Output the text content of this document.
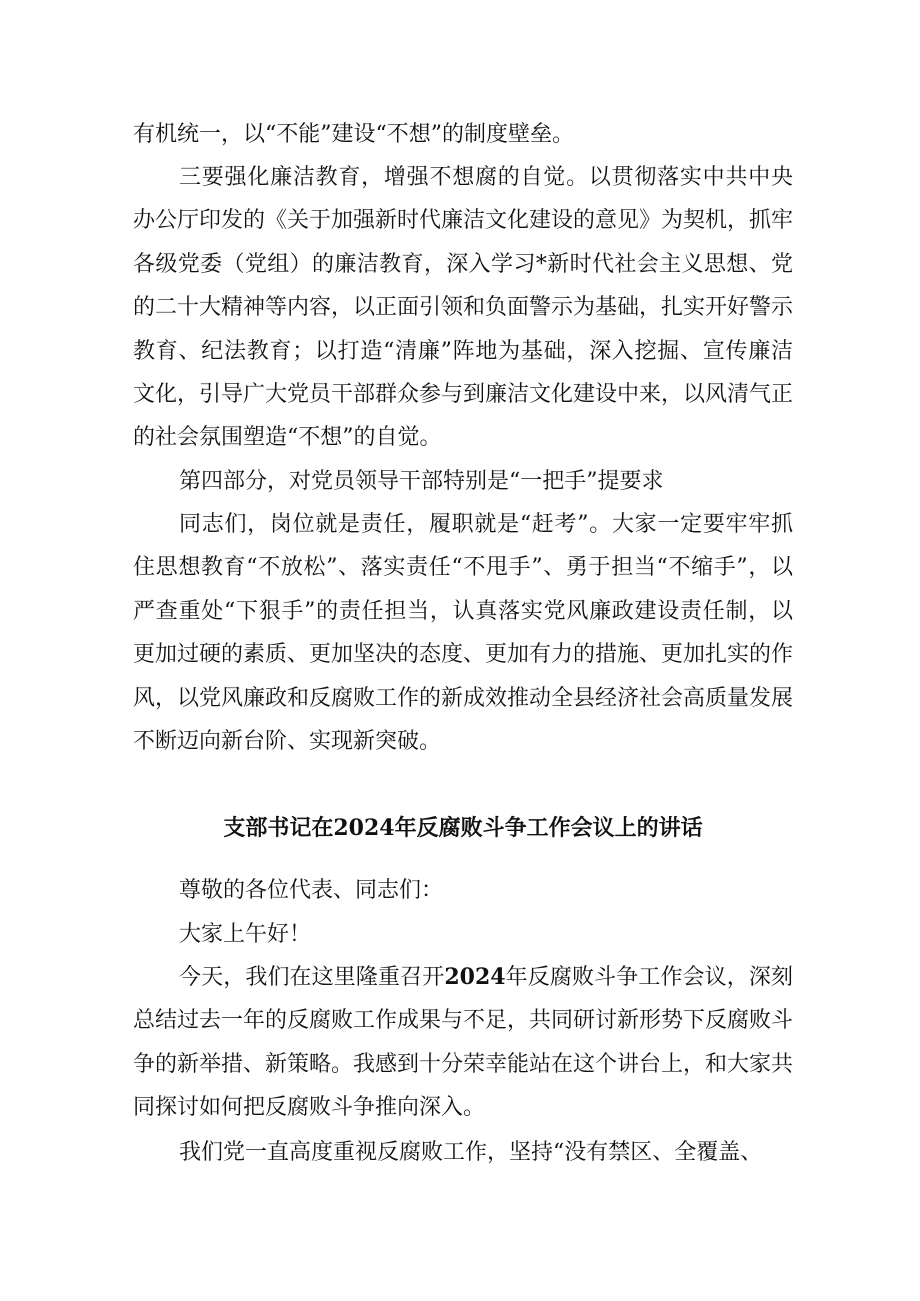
有机统一，以“不能”建设“不想”的制度壁垒。

三要强化廉洁教育，增强不想腐的自觉。以贯彻落实中共中央办公厅印发的《关于加强新时代廉洁文化建设的意见》为契机，抓牢各级党委（党组）的廉洁教育，深入学习*新时代社会主义思想、党的二十大精神等内容，以正面引领和负面警示为基础，扎实开好警示教育、纪法教育；以打造“清廉”阵地为基础，深入挖掘、宣传廉洁文化，引导广大党员干部群众参与到廉洁文化建设中来，以风清气正的社会氛围塑造“不想”的自觉。

第四部分，对党员领导干部特别是“一把手”提要求

同志们，岗位就是责任，履职就是“赶考”。大家一定要牢牢抓住思想教育“不放松”、落实责任“不甩手”、勇于担当“不缩手”，以严查重处“下狠手”的责任担当，认真落实党风廉政建设责任制，以更加过硬的素质、更加坚决的态度、更加有力的措施、更加扎实的作风，以党风廉政和反腐败工作的新成效推动全县经济社会高质量发展不断迈向新台阶、实现新突破。

支部书记在2024年反腐败斗争工作会议上的讲话

尊敬的各位代表、同志们：

大家上午好！

今天，我们在这里隆重召开2024年反腐败斗争工作会议，深刻总结过去一年的反腐败工作成果与不足，共同研讨新形势下反腐败斗争的新举措、新策略。我感到十分荣幸能站在这个讲台上，和大家共同探讨如何把反腐败斗争推向深入。

我们党一直高度重视反腐败工作，坚持“没有禁区、全覆盖、
